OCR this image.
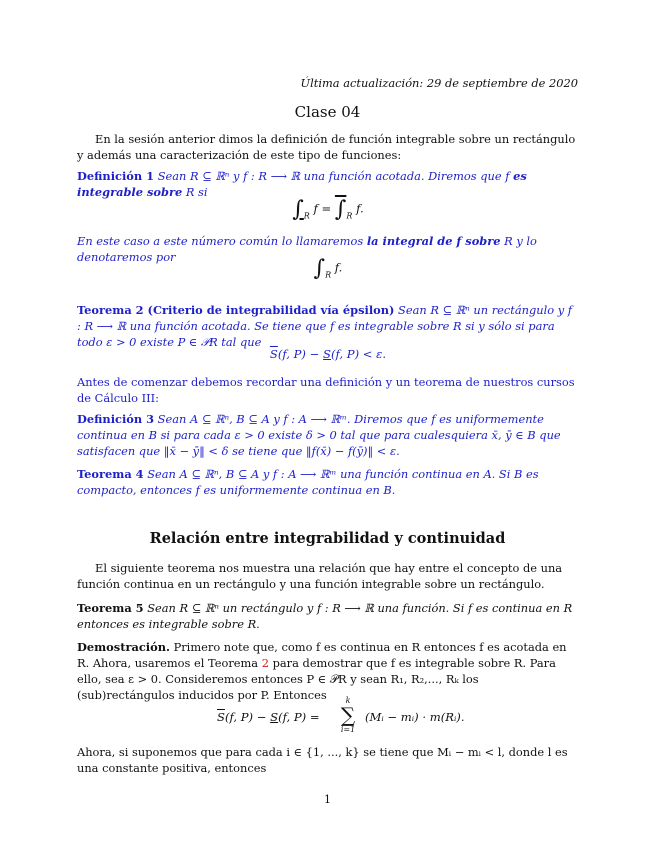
Última actualización: 29 de septiembre de 2020
Clase 04
En la sesión anterior dimos la definición de función integrable sobre un rectángulo y además una caracterización de este tipo de funciones:
Definición 1 Sean R ⊆ ℝⁿ y f : R ⟶ ℝ una función acotada. Diremos que f es integrable sobre R si
$\int_R$ $f = \int_R$ f.
En este caso a este número común lo llamaremos la integral de f sobre R y lo denotaremos por	$\int_R$ f.
Teorema 2 (Criterio de integrabilidad vía épsilon) Sean R ⊆ ℝⁿ un rectángulo y f : R ⟶ ℝ una función acotada. Se tiene que f es integrable sobre R si y sólo si para todo ε > 0 existe P ∈ 𝒫R tal que
$\overline{S}(f$, P) − S(f, P) < ε.
Antes de comenzar debemos recordar una definición y un teorema de nuestros cursos de Cálculo III:
Definición 3 Sean A ⊆ ℝⁿ, B ⊆ A y f : A ⟶ ℝᵐ. Diremos que f es uniformemente continua en B si para cada ε > 0 existe δ > 0 tal que para cualesquiera x̄, ȳ ∈ B que satisfacen que ‖x̄ − ȳ‖ < δ se tiene que ‖f(x̄) − f(ȳ)‖ < ε.
Teorema 4 Sean A ⊆ ℝⁿ, B ⊆ A y f : A ⟶ ℝᵐ una función continua en A. Si B es compacto, entonces f es uniformemente continua en B.
Relación entre integrabilidad y continuidad
El siguiente teorema nos muestra una relación que hay entre el concepto de una función continua en un rectángulo y una función integrable sobre un rectángulo.
Teorema 5 Sean R ⊆ ℝⁿ un rectángulo y f : R ⟶ ℝ una función. Si f es continua en R entonces es integrable sobre R.
Demostración. Primero note que, como f es continua en R entonces f es acotada en R. Ahora, usaremos el Teorema 2 para demostrar que f es integrable sobre R. Para ello, sea ε > 0. Consideremos entonces P ∈ 𝒫R y sean R₁, R₂,..., Rₖ los (sub)rectángulos inducidos por P. Entonces
$\overline{S}(f$, P) − S(f, P) =
k
∑
i=1
(Mᵢ − mᵢ) · m(Rᵢ).
Ahora, si suponemos que para cada i ∈ {1, ..., k} se tiene que Mᵢ − mᵢ < l, donde l es una constante positiva, entonces
1
